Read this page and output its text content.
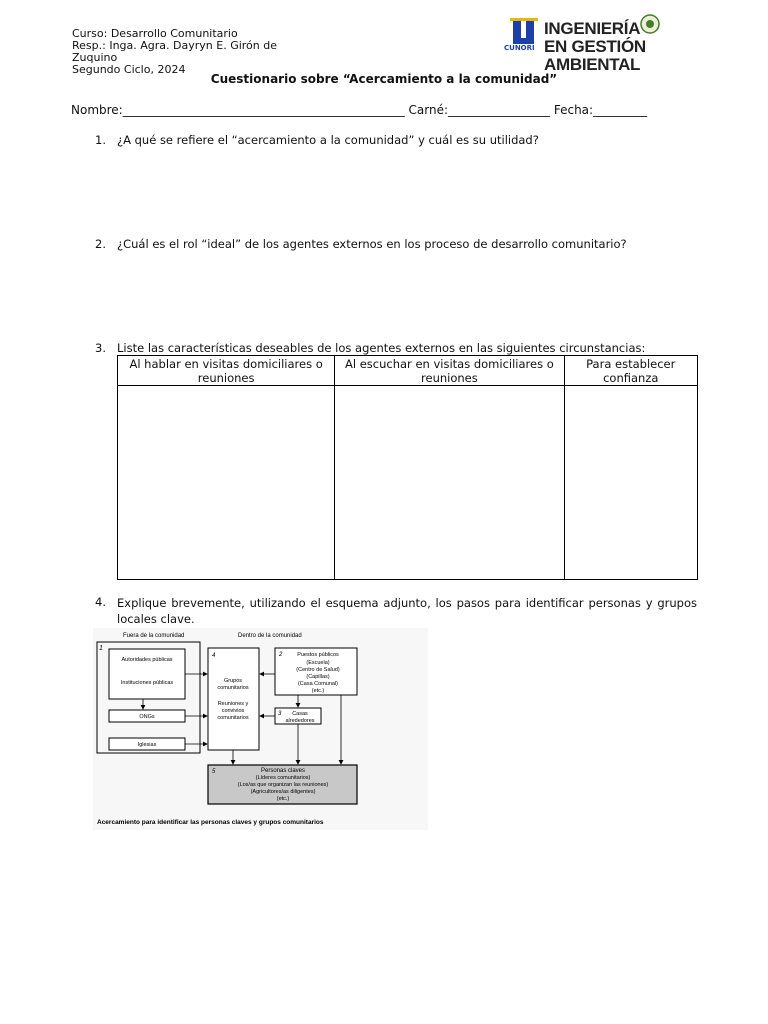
Curso: Desarrollo Comunitario
Resp.: Inga. Agra. Dayryn E. Girón de Zuquino
Segundo Ciclo, 2024
INGENIERÍA
EN GESTIÓN AMBIENTAL
CUNORI
Cuestionario sobre “Acercamiento a la comunidad”
Nombre:_______________________________________________ Carné:_________________ Fecha:_________
1. ¿A qué se refiere el “acercamiento a la comunidad” y cuál es su utilidad?
2. ¿Cuál es el rol “ideal” de los agentes externos en los proceso de desarrollo comunitario?
3. Liste las características deseables de los agentes externos en las siguientes circunstancias:
Al hablar en visitas domiciliares o reuniones	Al escuchar en visitas domiciliares o reuniones	Para establecer confianza

4. Explique brevemente, utilizando el esquema adjunto, los pasos para identificar personas y grupos locales clave.
Fuera de la comunidad	Dentro de la comunidad
1
Autoridades públicas
Instituciones públicas
ONGs
Iglesias
4
Grupos
comunitarios
Reuniones y
convivios
comunitarios
2	Puestos públicos
(Escuela)
(Centro de Salud)
(Capillas)
(Casa Comunal)
(etc.)
3 Casas
alrededores
5	Personas claves
(Líderes comunitarios)
(Los/as que organizan las reuniones)
(Agricultores/as diligentes)
(etc.)
Acercamiento para identificar las personas claves y grupos comunitarios
